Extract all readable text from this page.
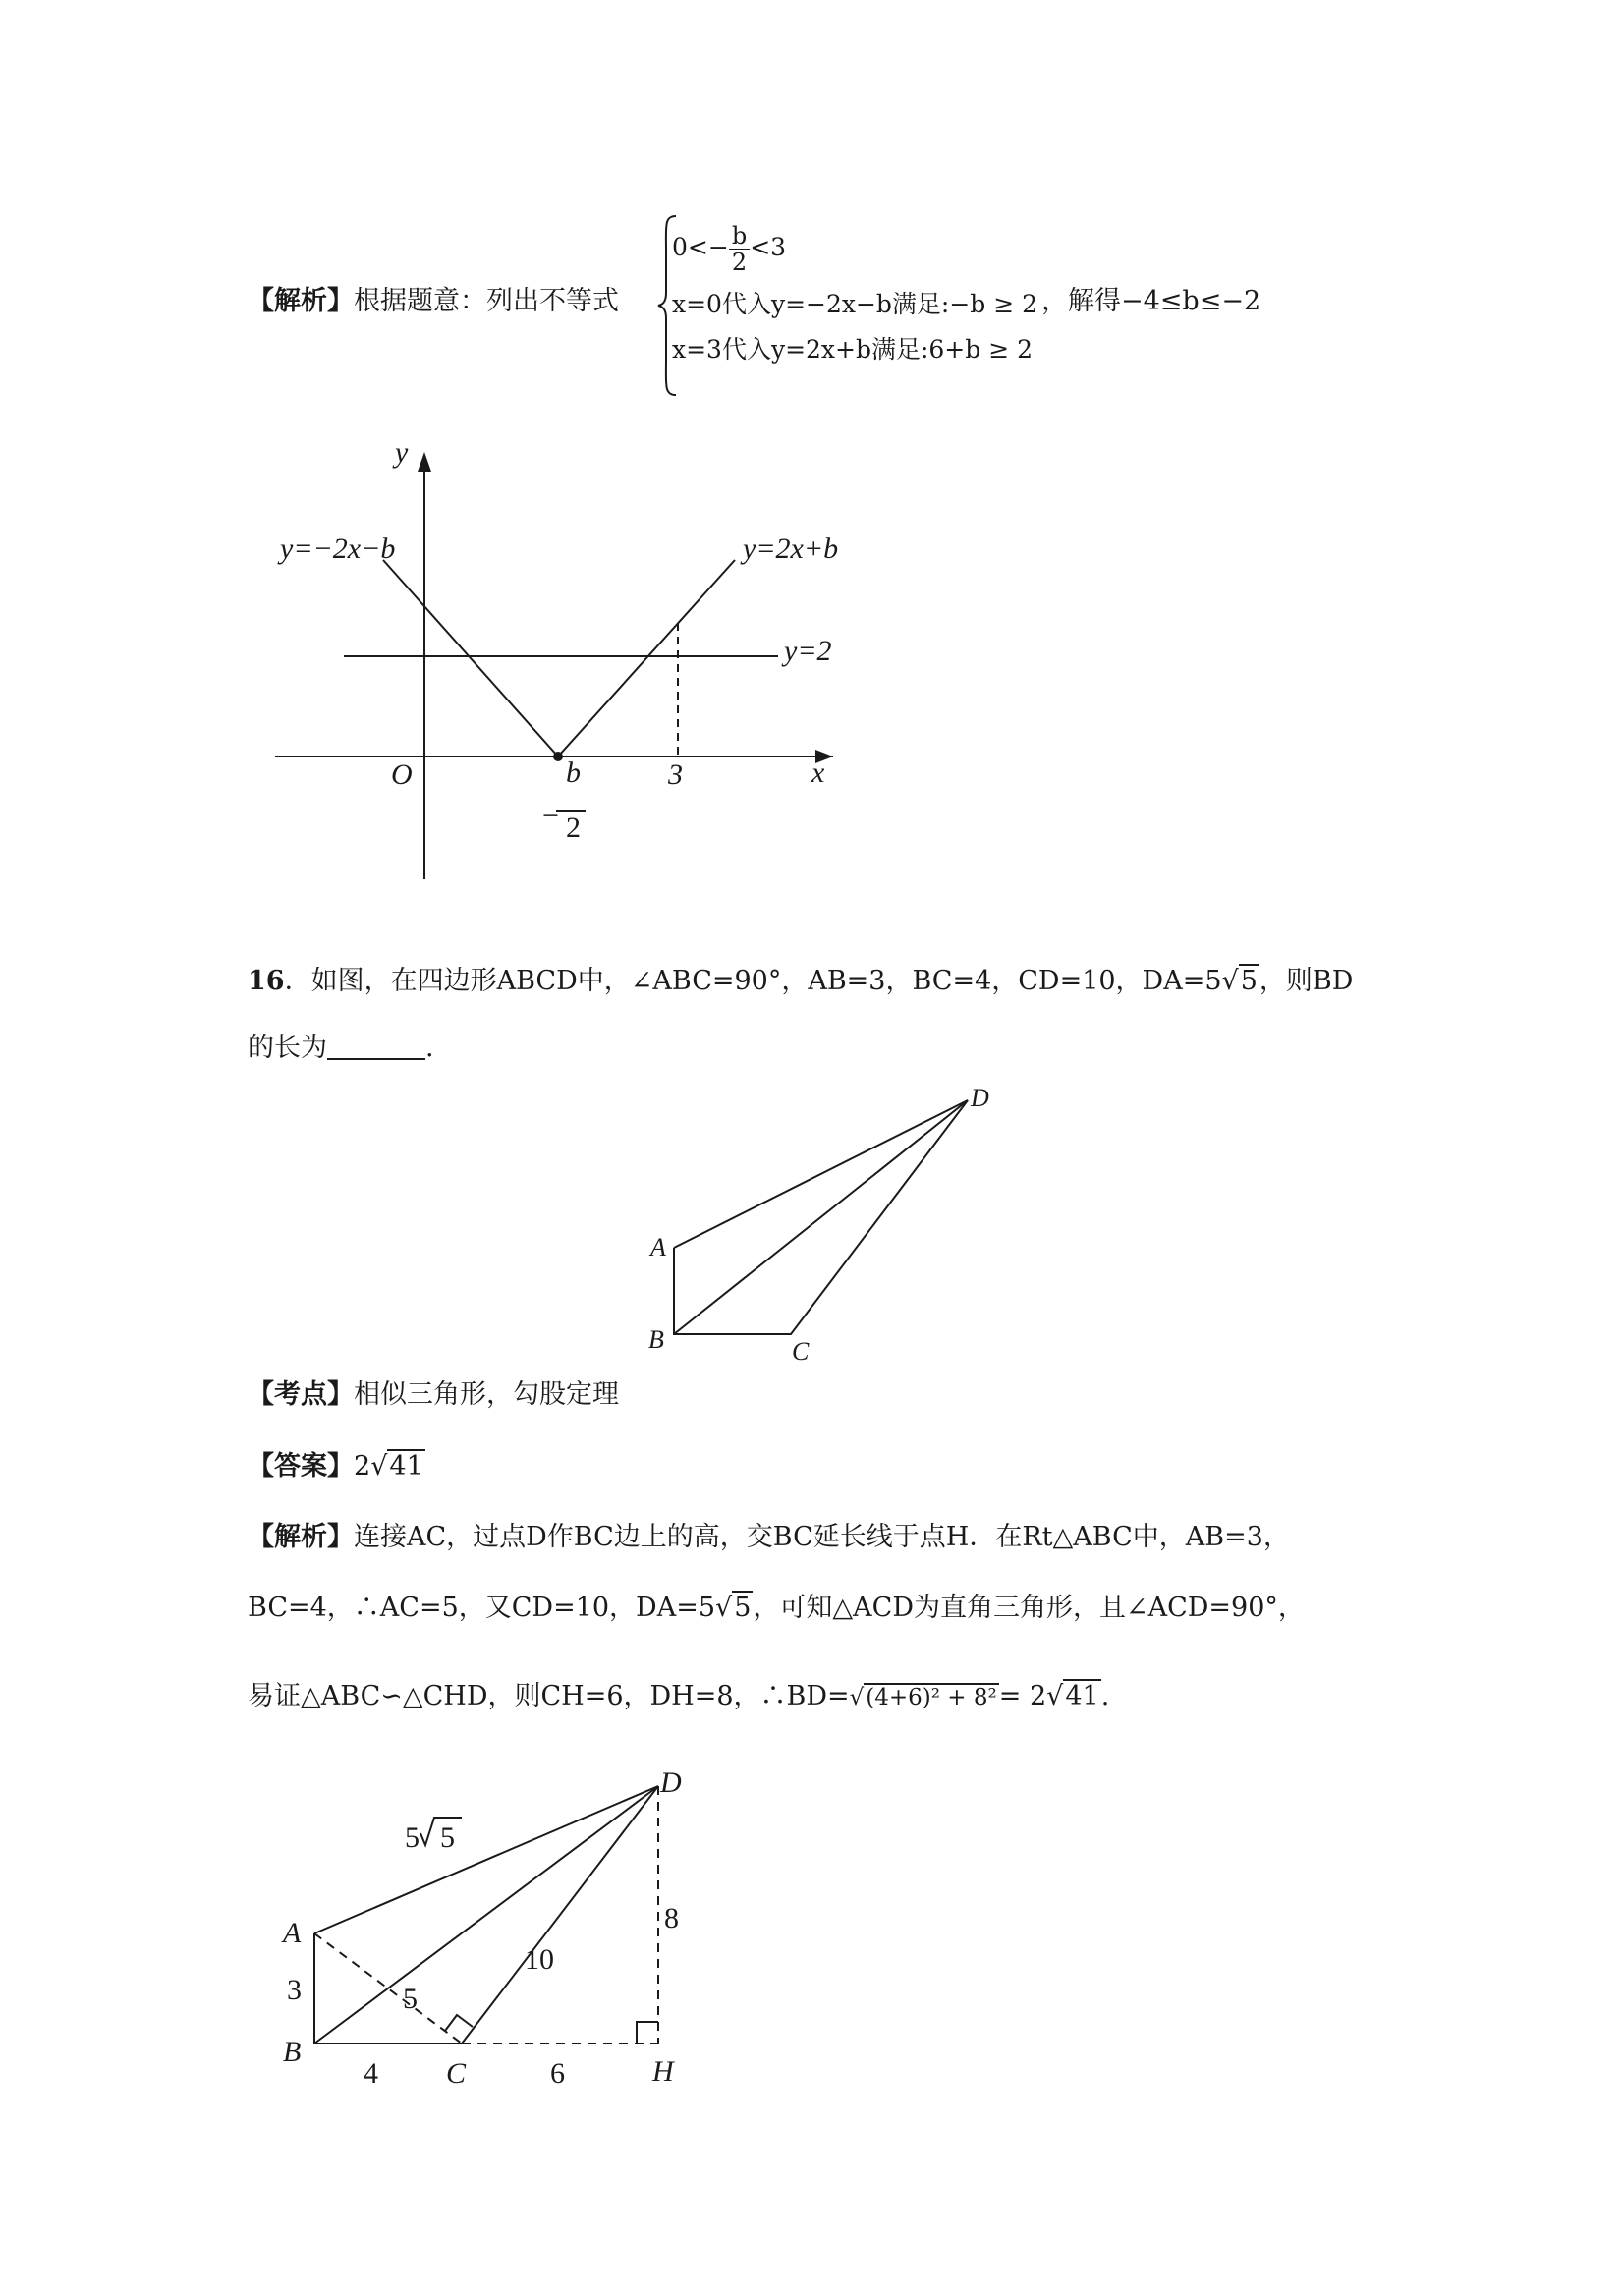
【解析】根据题意：列出不等式
$0<- \frac{b}{2} <3$
x=0代入y=−2x−b满足:−b ≥ 2
x=3代入y=2x+b满足:6+b ≥ 2
，解得−4≤b≤−2
y
x
O
y=−2x−b	y=2x+b
y=2
3
−
b
2
16．如图，在四边形ABCD中，∠ABC=90°，AB=3，BC=4，CD=10，DA=5√5，则BD
的长为	.
A
B	C
D
【考点】相似三角形，勾股定理
【答案】2√41
【解析】连接AC，过点D作BC边上的高，交BC延长线于点H．在Rt△ABC中，AB=3，
BC=4，∴AC=5，又CD=10，DA=5√5，可知△ACD为直角三角形，且∠ACD=90°，
易证△ABC∽△CHD，则CH=6，DH=8，∴BD=√(4+6)² + 8²= 2√41.
A
B
C
D
H
3
4
5
10
8
6
5 5
